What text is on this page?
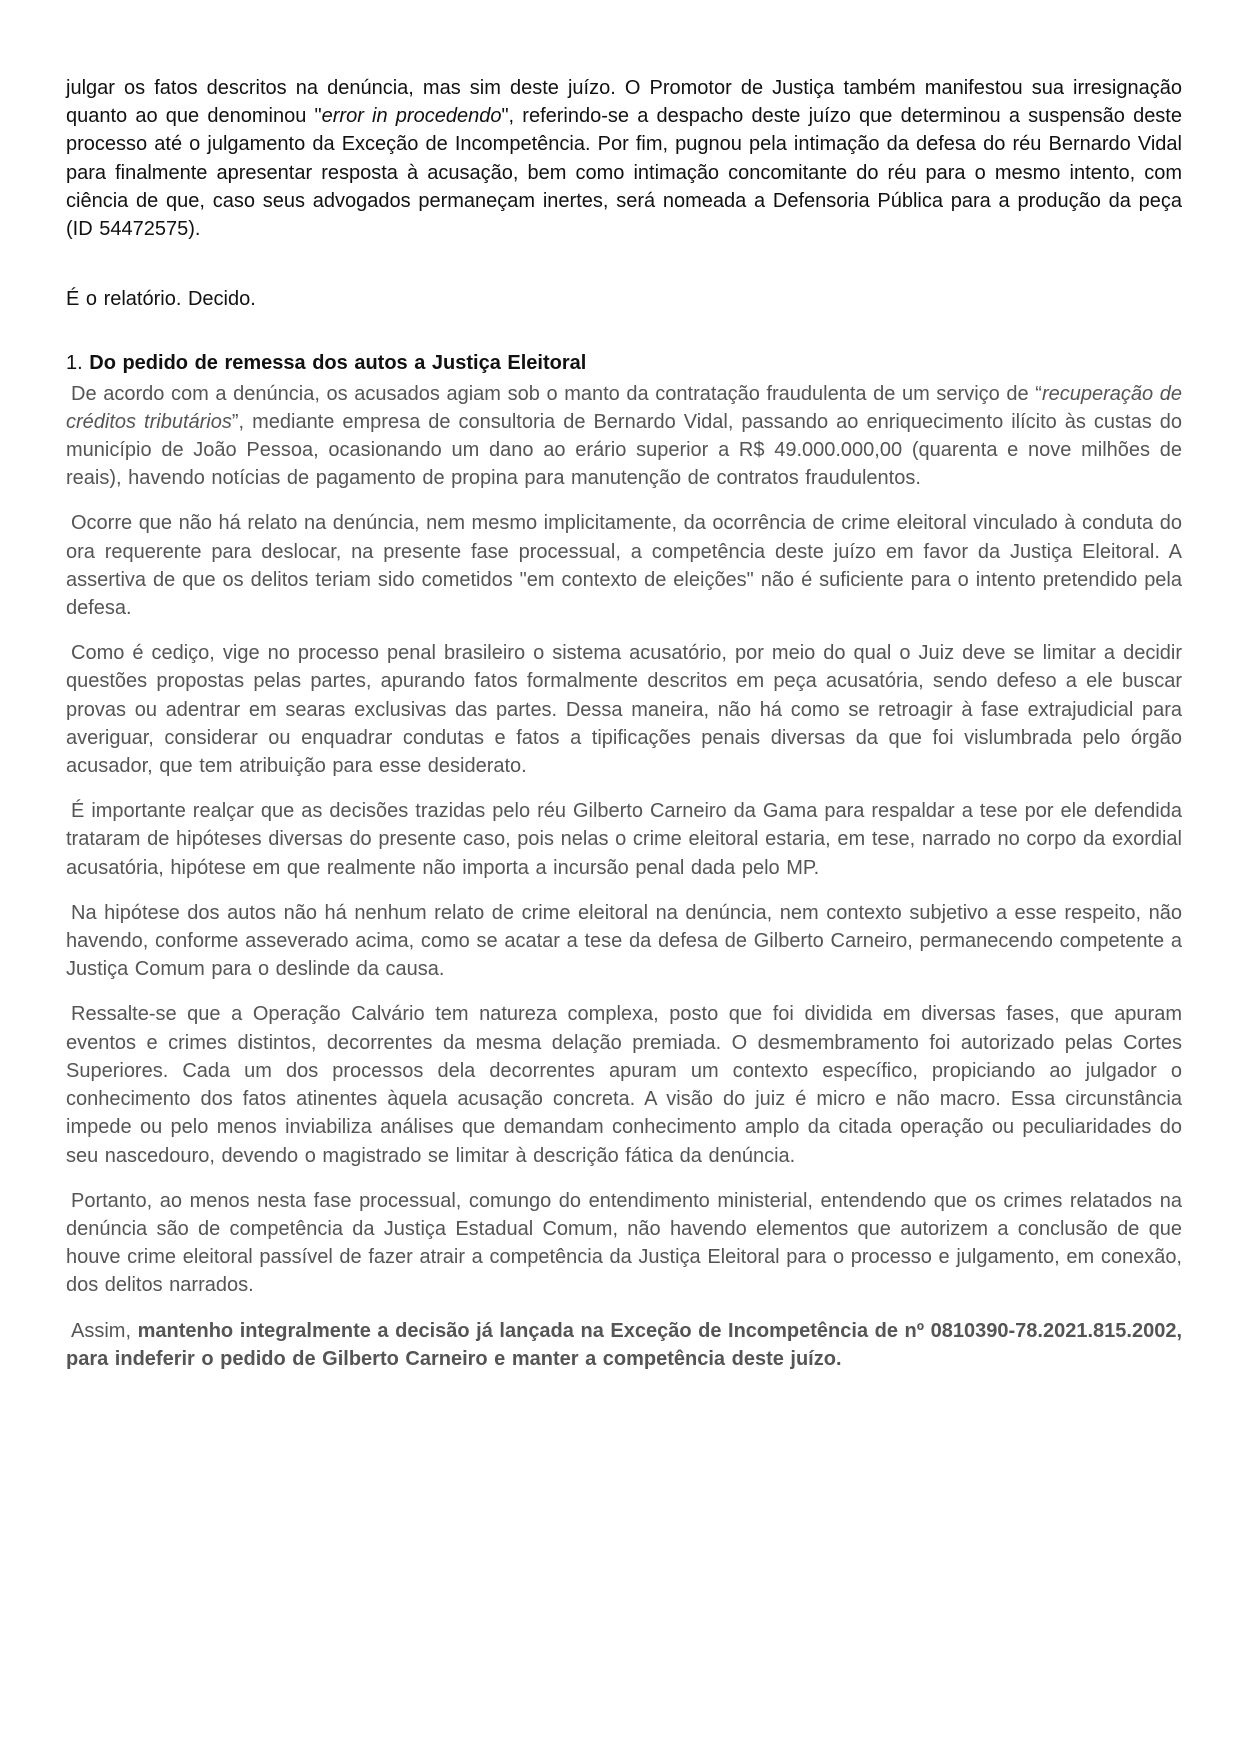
julgar os fatos descritos na denúncia, mas sim deste juízo. O Promotor de Justiça também manifestou sua irresignação quanto ao que denominou "error in procedendo", referindo-se a despacho deste juízo que determinou a suspensão deste processo até o julgamento da Exceção de Incompetência. Por fim, pugnou pela intimação da defesa do réu Bernardo Vidal para finalmente apresentar resposta à acusação, bem como intimação concomitante do réu para o mesmo intento, com ciência de que, caso seus advogados permaneçam inertes, será nomeada a Defensoria Pública para a produção da peça (ID 54472575).

É o relatório. Decido.

1. Do pedido de remessa dos autos a Justiça Eleitoral

De acordo com a denúncia, os acusados agiam sob o manto da contratação fraudulenta de um serviço de “recuperação de créditos tributários”, mediante empresa de consultoria de Bernardo Vidal, passando ao enriquecimento ilícito às custas do município de João Pessoa, ocasionando um dano ao erário superior a R$ 49.000.000,00 (quarenta e nove milhões de reais), havendo notícias de pagamento de propina para manutenção de contratos fraudulentos.

Ocorre que não há relato na denúncia, nem mesmo implicitamente, da ocorrência de crime eleitoral vinculado à conduta do ora requerente para deslocar, na presente fase processual, a competência deste juízo em favor da Justiça Eleitoral. A assertiva de que os delitos teriam sido cometidos "em contexto de eleições" não é suficiente para o intento pretendido pela defesa.

Como é cediço, vige no processo penal brasileiro o sistema acusatório, por meio do qual o Juiz deve se limitar a decidir questões propostas pelas partes, apurando fatos formalmente descritos em peça acusatória, sendo defeso a ele buscar provas ou adentrar em searas exclusivas das partes. Dessa maneira, não há como se retroagir à fase extrajudicial para averiguar, considerar ou enquadrar condutas e fatos a tipificações penais diversas da que foi vislumbrada pelo órgão acusador, que tem atribuição para esse desiderato.

É importante realçar que as decisões trazidas pelo réu Gilberto Carneiro da Gama para respaldar a tese por ele defendida trataram de hipóteses diversas do presente caso, pois nelas o crime eleitoral estaria, em tese, narrado no corpo da exordial acusatória, hipótese em que realmente não importa a incursão penal dada pelo MP.

Na hipótese dos autos não há nenhum relato de crime eleitoral na denúncia, nem contexto subjetivo a esse respeito, não havendo, conforme asseverado acima, como se acatar a tese da defesa de Gilberto Carneiro, permanecendo competente a Justiça Comum para o deslinde da causa.

Ressalte-se que a Operação Calvário tem natureza complexa, posto que foi dividida em diversas fases, que apuram eventos e crimes distintos, decorrentes da mesma delação premiada. O desmembramento foi autorizado pelas Cortes Superiores. Cada um dos processos dela decorrentes apuram um contexto específico, propiciando ao julgador o conhecimento dos fatos atinentes àquela acusação concreta. A visão do juiz é micro e não macro. Essa circunstância impede ou pelo menos inviabiliza análises que demandam conhecimento amplo da citada operação ou peculiaridades do seu nascedouro, devendo o magistrado se limitar à descrição fática da denúncia.

Portanto, ao menos nesta fase processual, comungo do entendimento ministerial, entendendo que os crimes relatados na denúncia são de competência da Justiça Estadual Comum, não havendo elementos que autorizem a conclusão de que houve crime eleitoral passível de fazer atrair a competência da Justiça Eleitoral para o processo e julgamento, em conexão, dos delitos narrados.

Assim, mantenho integralmente a decisão já lançada na Exceção de Incompetência de nº 0810390-78.2021.815.2002, para indeferir o pedido de Gilberto Carneiro e manter a competência deste juízo.
